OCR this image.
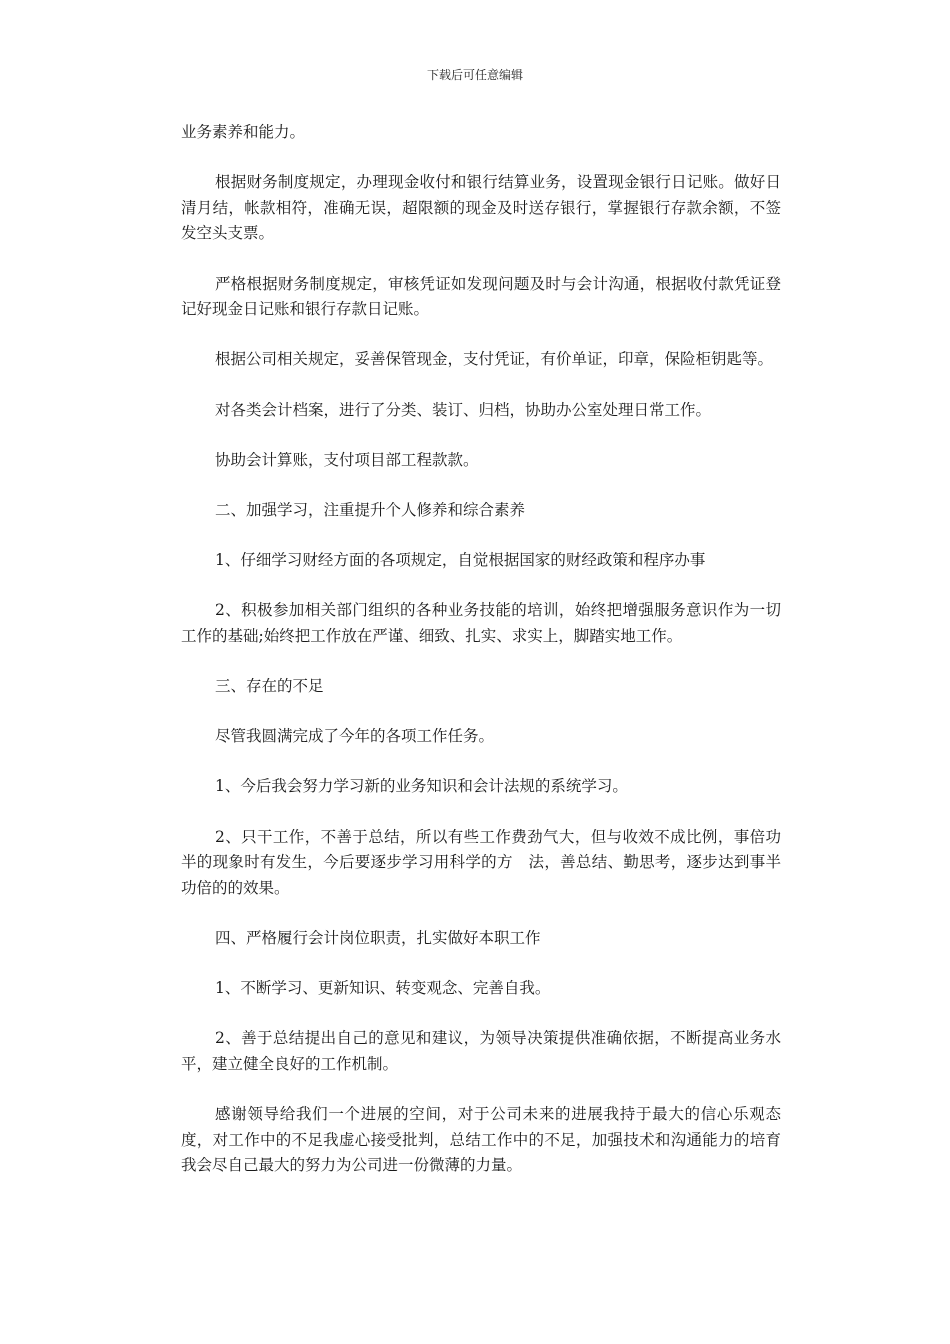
下载后可任意编辑

业务素养和能力。

根据财务制度规定，办理现金收付和银行结算业务，设置现金银行日记账。做好日清月结，帐款相符，准确无误，超限额的现金及时送存银行，掌握银行存款余额，不签发空头支票。

严格根据财务制度规定，审核凭证如发现问题及时与会计沟通，根据收付款凭证登记好现金日记账和银行存款日记账。

根据公司相关规定，妥善保管现金，支付凭证，有价单证，印章，保险柜钥匙等。

对各类会计档案，进行了分类、装订、归档，协助办公室处理日常工作。

协助会计算账，支付项目部工程款款。

二、加强学习，注重提升个人修养和综合素养

1、仔细学习财经方面的各项规定，自觉根据国家的财经政策和程序办事

2、积极参加相关部门组织的各种业务技能的培训，始终把增强服务意识作为一切工作的基础;始终把工作放在严谨、细致、扎实、求实上，脚踏实地工作。

三、存在的不足

尽管我圆满完成了今年的各项工作任务。

1、今后我会努力学习新的业务知识和会计法规的系统学习。

2、只干工作，不善于总结，所以有些工作费劲气大，但与收效不成比例，事倍功半的现象时有发生，今后要逐步学习用科学的方　法，善总结、勤思考，逐步达到事半功倍的的效果。

四、严格履行会计岗位职责，扎实做好本职工作

1、不断学习、更新知识、转变观念、完善自我。

2、善于总结提出自己的意见和建议，为领导决策提供准确依据，不断提高业务水平，建立健全良好的工作机制。

感谢领导给我们一个进展的空间，对于公司未来的进展我持于最大的信心乐观态度，对工作中的不足我虚心接受批判，总结工作中的不足，加强技术和沟通能力的培育我会尽自己最大的努力为公司进一份微薄的力量。
